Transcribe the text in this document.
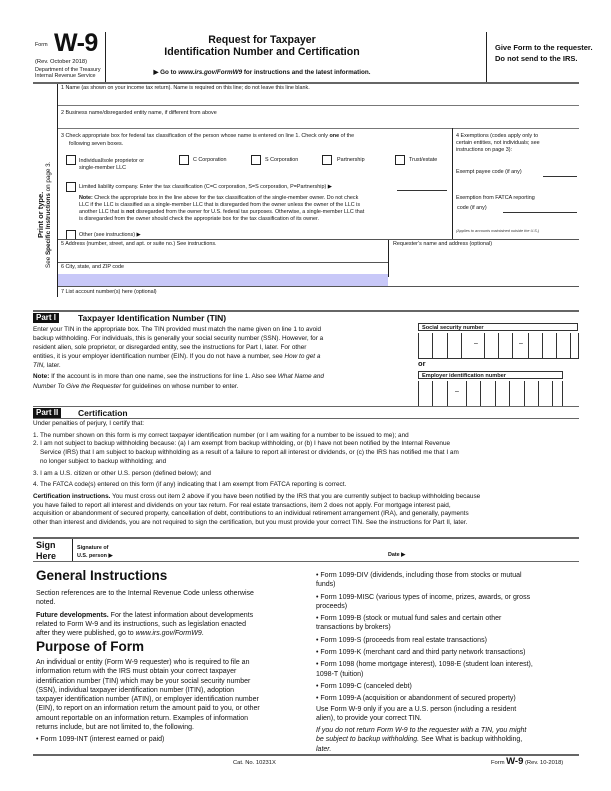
Form W-9
(Rev. October 2018)
Department of the Treasury
Internal Revenue Service
Request for Taxpayer
Identification Number and Certification
▶ Go to www.irs.gov/FormW9 for instructions and the latest information.
Give Form to the requester. Do not send to the IRS.
Print or type.
See Specific Instructions on page 3.
1 Name (as shown on your income tax return). Name is required on this line; do not leave this line blank.
2 Business name/disregarded entity name, if different from above
3 Check appropriate box for federal tax classification of the person whose name is entered on line 1. Check only one of the
following seven boxes.
Individual/sole proprietor or
single-member LLC
C Corporation	S Corporation	Partnership	Trust/estate
Limited liability company. Enter the tax classification (C=C corporation, S=S corporation, P=Partnership) ▶
Note: Check the appropriate box in the line above for the tax classification of the single-member owner. Do not check
LLC if the LLC is classified as a single-member LLC that is disregarded from the owner unless the owner of the LLC is
another LLC that is not disregarded from the owner for U.S. federal tax purposes. Otherwise, a single-member LLC that
is disregarded from the owner should check the appropriate box for the tax classification of its owner.
Other (see instructions) ▶
4 Exemptions (codes apply only to
certain entities, not individuals; see
instructions on page 3):
Exempt payee code (if any)
Exemption from FATCA reporting
code (if any)
(Applies to accounts maintained outside the U.S.)
5 Address (number, street, and apt. or suite no.) See instructions.	Requester’s name and address (optional)
6 City, state, and ZIP code
7 List account number(s) here (optional)
Part I	Taxpayer Identification Number (TIN)
Enter your TIN in the appropriate box. The TIN provided must match the name given on line 1 to avoid
backup withholding. For individuals, this is generally your social security number (SSN). However, for a
resident alien, sole proprietor, or disregarded entity, see the instructions for Part I, later. For other
entities, it is your employer identification number (EIN). If you do not have a number, see How to get a
TIN, later.
Note: If the account is in more than one name, see the instructions for line 1. Also see What Name and
Number To Give the Requester for guidelines on whose number to enter.
Social security number
–	–
or
Employer identification number
–
Part II	Certification
Under penalties of perjury, I certify that:
1. The number shown on this form is my correct taxpayer identification number (or I am waiting for a number to be issued to me); and
2. I am not subject to backup withholding because: (a) I am exempt from backup withholding, or (b) I have not been notified by the Internal Revenue
Service (IRS) that I am subject to backup withholding as a result of a failure to report all interest or dividends, or (c) the IRS has notified me that I am
no longer subject to backup withholding; and
3. I am a U.S. citizen or other U.S. person (defined below); and
4. The FATCA code(s) entered on this form (if any) indicating that I am exempt from FATCA reporting is correct.
Certification instructions. You must cross out item 2 above if you have been notified by the IRS that you are currently subject to backup withholding because
you have failed to report all interest and dividends on your tax return. For real estate transactions, item 2 does not apply. For mortgage interest paid,
acquisition or abandonment of secured property, cancellation of debt, contributions to an individual retirement arrangement (IRA), and generally, payments
other than interest and dividends, you are not required to sign the certification, but you must provide your correct TIN. See the instructions for Part II, later.
Sign
Here
Signature of
U.S. person ▶	Date ▶
General Instructions
Section references are to the Internal Revenue Code unless otherwise
noted.
Future developments. For the latest information about developments
related to Form W-9 and its instructions, such as legislation enacted
after they were published, go to www.irs.gov/FormW9.
Purpose of Form
An individual or entity (Form W-9 requester) who is required to file an
information return with the IRS must obtain your correct taxpayer
identification number (TIN) which may be your social security number
(SSN), individual taxpayer identification number (ITIN), adoption
taxpayer identification number (ATIN), or employer identification number
(EIN), to report on an information return the amount paid to you, or other
amount reportable on an information return. Examples of information
returns include, but are not limited to, the following.
• Form 1099-INT (interest earned or paid)
• Form 1099-DIV (dividends, including those from stocks or mutual
funds)
• Form 1099-MISC (various types of income, prizes, awards, or gross
proceeds)
• Form 1099-B (stock or mutual fund sales and certain other
transactions by brokers)
• Form 1099-S (proceeds from real estate transactions)
• Form 1099-K (merchant card and third party network transactions)
• Form 1098 (home mortgage interest), 1098-E (student loan interest),
1098-T (tuition)
• Form 1099-C (canceled debt)
• Form 1099-A (acquisition or abandonment of secured property)
Use Form W-9 only if you are a U.S. person (including a resident
alien), to provide your correct TIN.
If you do not return Form W-9 to the requester with a TIN, you might
be subject to backup withholding. See What is backup withholding,
later.
Cat. No. 10231X	Form W-9 (Rev. 10-2018)
